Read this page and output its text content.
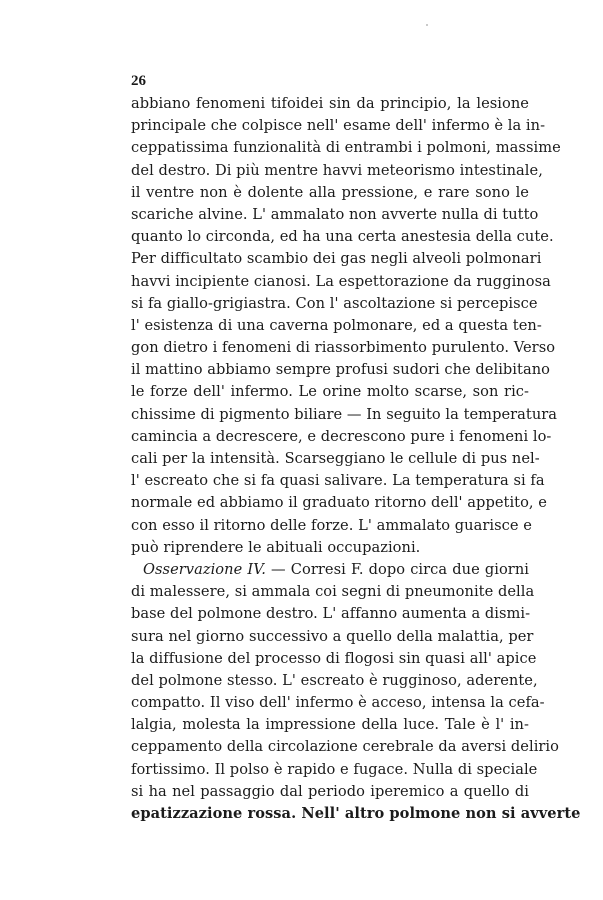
26

abbiano fenomeni tifoidei sin da principio, la lesione
principale che colpisce nell' esame dell' infermo è la in-
ceppatissima funzionalità di entrambi i polmoni, massime
del destro. Di più mentre havvi meteorismo intestinale,
il ventre non è dolente alla pressione, e rare sono le
scariche alvine. L' ammalato non avverte nulla di tutto
quanto lo circonda, ed ha una certa anestesia della cute.
Per difficultato scambio dei gas negli alveoli polmonari
havvi incipiente cianosi. La espettorazione da rugginosa
si fa giallo-grigiastra. Con l' ascoltazione si percepisce
l' esistenza di una caverna polmonare, ed a questa ten-
gon dietro i fenomeni di riassorbimento purulento. Verso
il mattino abbiamo sempre profusi sudori che delibitano
le forze dell' infermo. Le orine molto scarse, son ric-
chissime di pigmento biliare — In seguito la temperatura
camincia a decrescere, e decrescono pure i fenomeni lo-
cali per la intensità. Scarseggiano le cellule di pus nel-
l' escreato che si fa quasi salivare. La temperatura si fa
normale ed abbiamo il graduato ritorno dell' appetito, e
con esso il ritorno delle forze. L' ammalato guarisce e
può riprendere le abituali occupazioni.
Osservazione IV. — Corresi F. dopo circa due giorni
di malessere, si ammala coi segni di pneumonite della
base del polmone destro. L' affanno aumenta a dismi-
sura nel giorno successivo a quello della malattia, per
la diffusione del processo di flogosi sin quasi all' apice
del polmone stesso. L' escreato è rugginoso, aderente,
compatto. Il viso dell' infermo è acceso, intensa la cefa-
lalgia, molesta la impressione della luce. Tale è l' in-
ceppamento della circolazione cerebrale da aversi delirio
fortissimo. Il polso è rapido e fugace. Nulla di speciale
si ha nel passaggio dal periodo iperemico a quello di
epatizzazione rossa. Nell' altro polmone non si avverte
